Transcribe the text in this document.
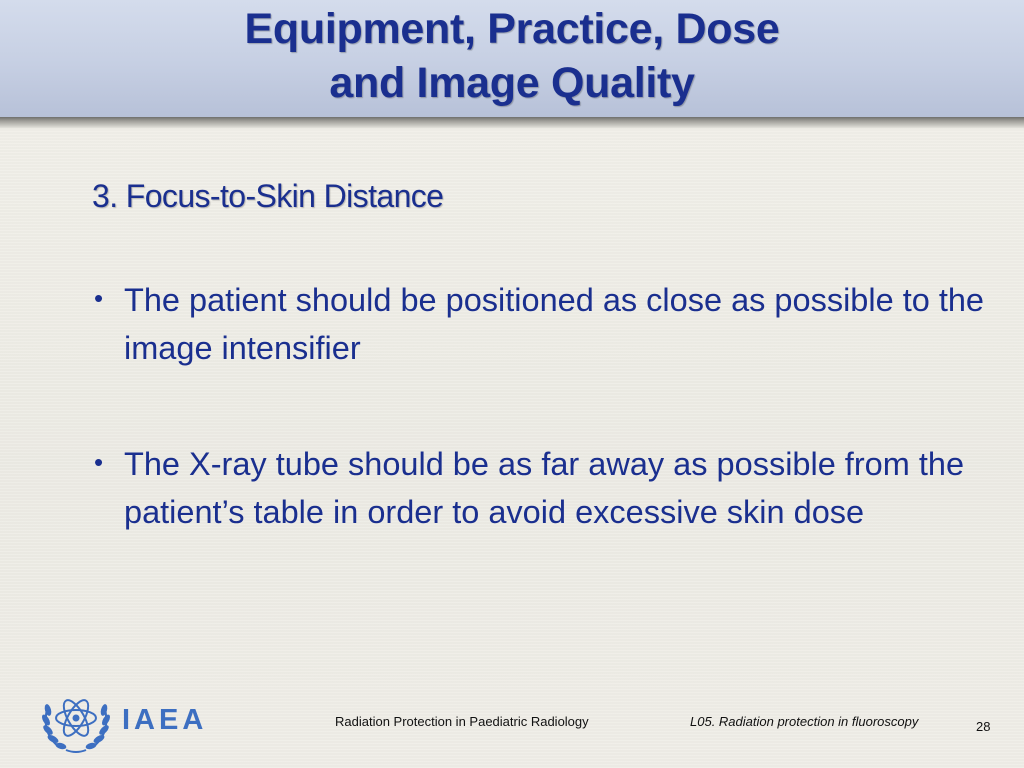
Equipment, Practice, Dose
and Image Quality
3. Focus-to-Skin Distance
• The patient should be positioned as close as possible to the image intensifier
• The X-ray tube should be as far away as possible from the patient’s table in order to avoid excessive skin dose
IAEA	Radiation Protection in Paediatric Radiology	L05. Radiation protection in fluoroscopy	28
